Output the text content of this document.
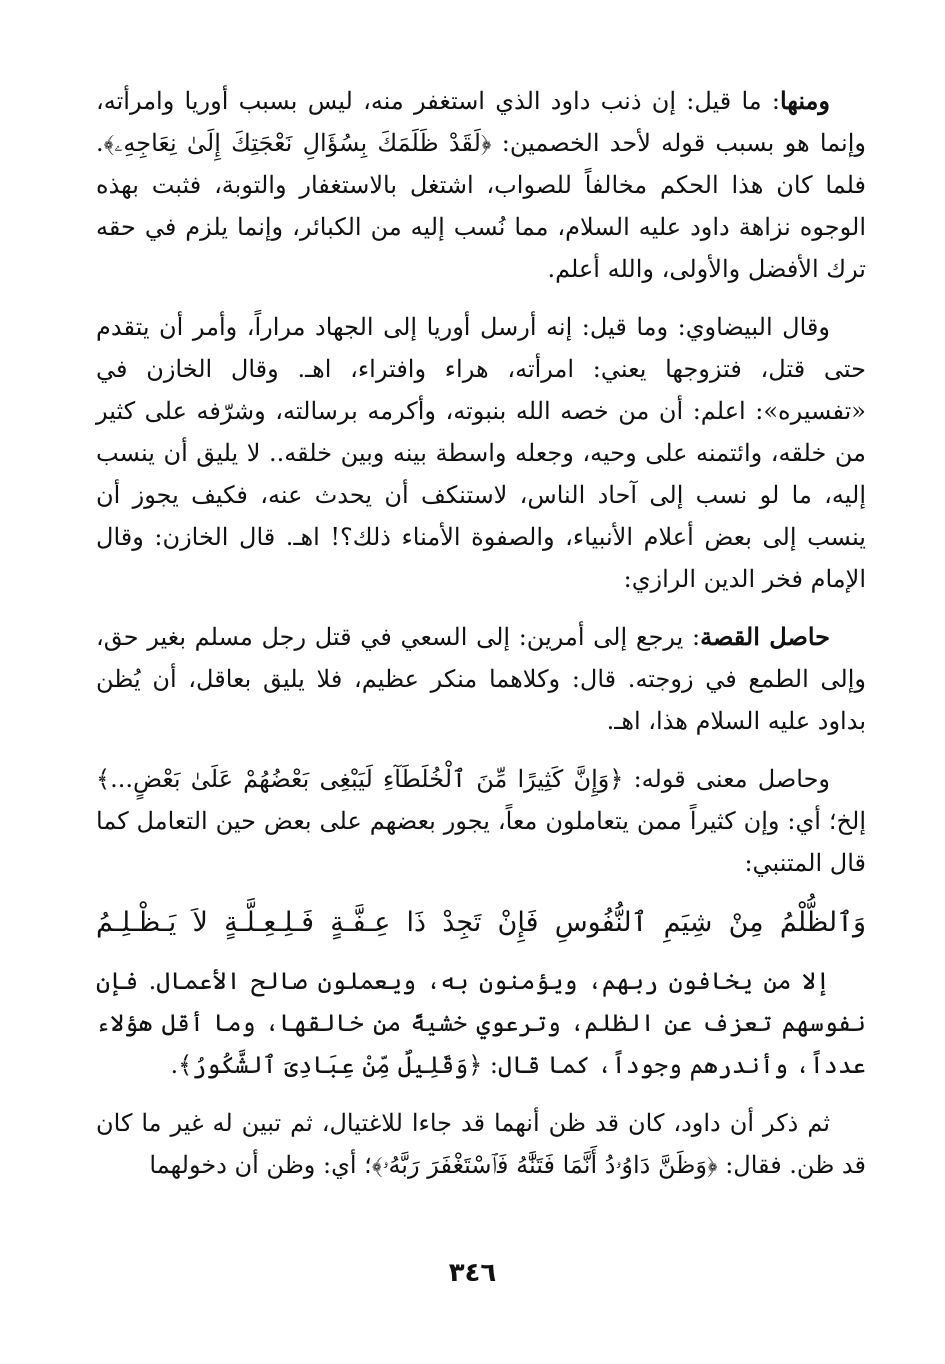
ومنها: ما قيل: إن ذنب داود الذي استغفر منه، ليس بسبب أوريا وامرأته، وإنما هو بسبب قوله لأحد الخصمين: ﴿لَقَدْ ظَلَمَكَ بِسُؤَالِ نَعْجَتِكَ إِلَىٰ نِعَاجِهِۦ﴾. فلما كان هذا الحكم مخالفاً للصواب، اشتغل بالاستغفار والتوبة، فثبت بهذه الوجوه نزاهة داود عليه السلام، مما نُسب إليه من الكبائر، وإنما يلزم في حقه ترك الأفضل والأولى، والله أعلم.

وقال البيضاوي: وما قيل: إنه أرسل أوريا إلى الجهاد مراراً، وأمر أن يتقدم حتى قتل، فتزوجها يعني: امرأته، هراء وافتراء، اهـ. وقال الخازن في «تفسيره»: اعلم: أن من خصه الله بنبوته، وأكرمه برسالته، وشرّفه على كثير من خلقه، وائتمنه على وحيه، وجعله واسطة بينه وبين خلقه.. لا يليق أن ينسب إليه، ما لو نسب إلى آحاد الناس، لاستنكف أن يحدث عنه، فكيف يجوز أن ينسب إلى بعض أعلام الأنبياء، والصفوة الأمناء ذلك؟! اهـ. قال الخازن: وقال الإمام فخر الدين الرازي:

حاصل القصة: يرجع إلى أمرين: إلى السعي في قتل رجل مسلم بغير حق، وإلى الطمع في زوجته. قال: وكلاهما منكر عظيم، فلا يليق بعاقل، أن يُظن بداود عليه السلام هذا، اهـ.

وحاصل معنى قوله: ﴿وَإِنَّ كَثِيرًا مِّنَ ٱلْخُلَطَآءِ لَيَبْغِى بَعْضُهُمْ عَلَىٰ بَعْضٍ...﴾ إلخ؛ أي: وإن كثيراً ممن يتعاملون معاً، يجور بعضهم على بعض حين التعامل كما قال المتنبي:

وَٱلظُّلْمُ مِنْ شِيَمِ ٱلنُّفُوسِ فَإِنْ تَجِدْ ذَا عِـفَّـةٍ فَـلِـعِـلَّـةٍ لاَ يَـظْـلِـمُ

إلا من يخافون ربهم، ويؤمنون به، ويعملون صالح الأعمال. فإن نفوسهم تعزف عن الظلم، وترعوي خشيةً من خالقها، وما أقل هؤلاء عدداً، وأندرهم وجوداً، كما قال: ﴿وَقَلِيلٌ مِّنْ عِبَادِىَ ٱلشَّكُورُ﴾.

ثم ذكر أن داود، كان قد ظن أنهما قد جاءا للاغتيال، ثم تبين له غير ما كان قد ظن. فقال: ﴿وَظَنَّ دَاوُۥدُ أَنَّمَا فَتَنَّٰهُ فَٱسْتَغْفَرَ رَبَّهُۥ﴾؛ أي: وظن أن دخولهما

٣٤٦
